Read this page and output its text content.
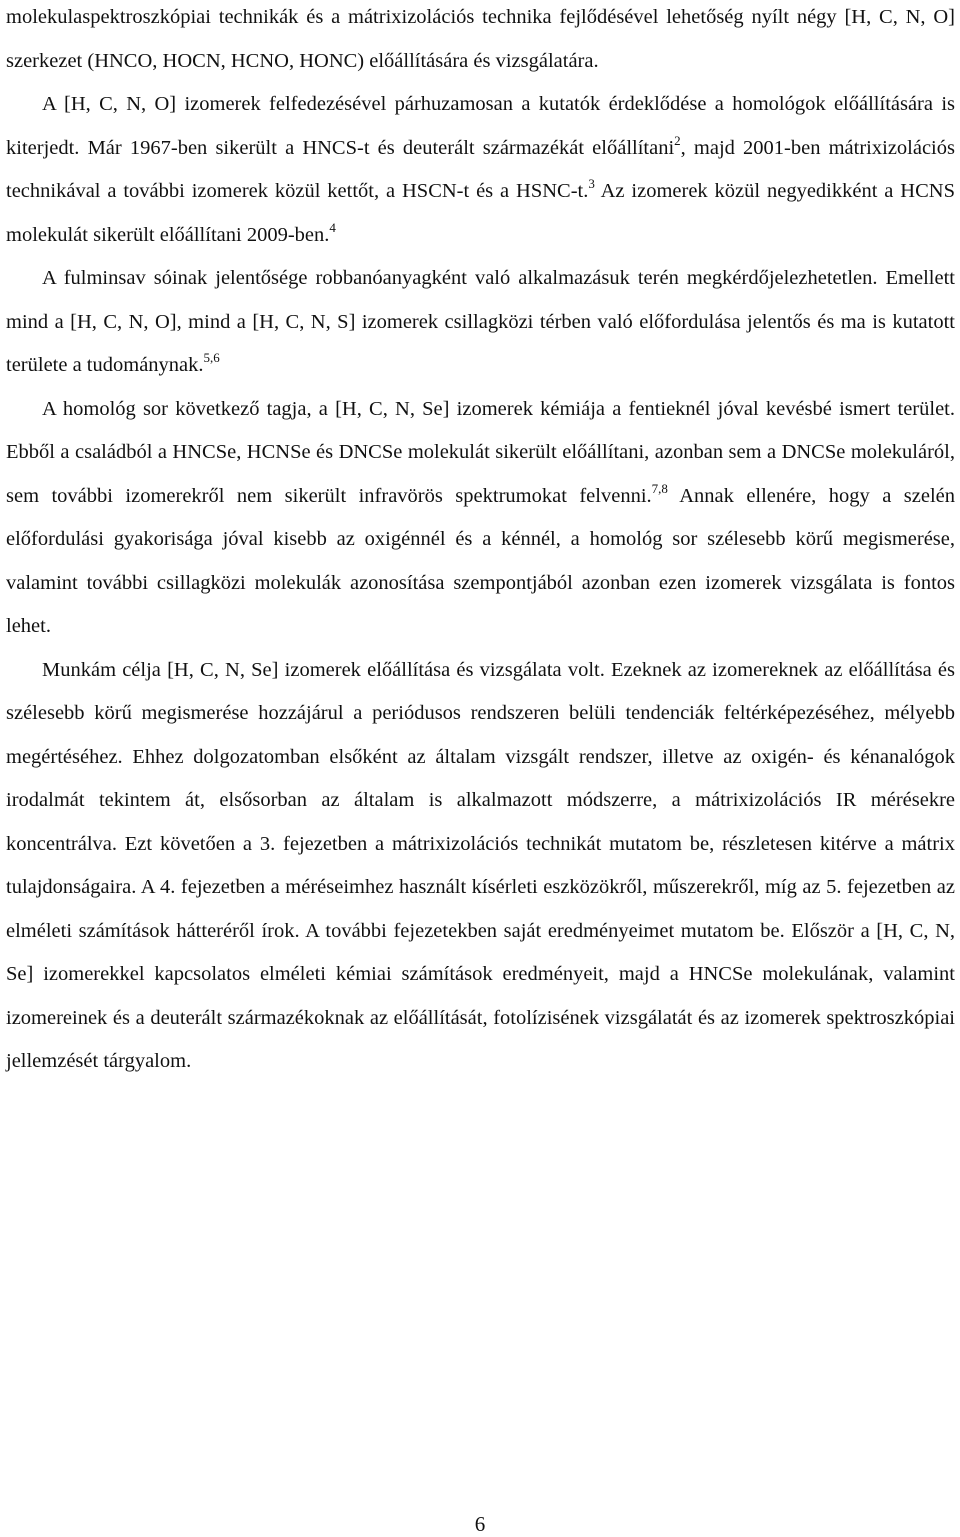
molekulaspektroszkópiai technikák és a mátrixizolációs technika fejlődésével lehetőség nyílt négy [H, C, N, O] szerkezet (HNCO, HOCN, HCNO, HONC) előállítására és vizsgálatára.

A [H, C, N, O] izomerek felfedezésével párhuzamosan a kutatók érdeklődése a homológok előállítására is kiterjedt. Már 1967-ben sikerült a HNCS-t és deuterált származékát előállítani$^2$, majd 2001-ben mátrixizolációs technikával a további izomerek közül kettőt, a HSCN-t és a HSNC-t.$^3$ Az izomerek közül negyedikként a HCNS molekulát sikerült előállítani 2009-ben.$^4$

A fulminsav sóinak jelentősége robbanóanyagként való alkalmazásuk terén megkérdőjelezhetetlen. Emellett mind a [H, C, N, O], mind a [H, C, N, S] izomerek csillagközi térben való előfordulása jelentős és ma is kutatott területe a tudománynak.$^{5,6}$

A homológ sor következő tagja, a [H, C, N, Se] izomerek kémiája a fentieknél jóval kevésbé ismert terület. Ebből a családból a HNCSe, HCNSe és DNCSe molekulát sikerült előállítani, azonban sem a DNCSe molekuláról, sem további izomerekről nem sikerült infravörös spektrumokat felvenni.$^{7,8}$ Annak ellenére, hogy a szelén előfordulási gyakorisága jóval kisebb az oxigénnél és a kénnél, a homológ sor szélesebb körű megismerése, valamint további csillagközi molekulák azonosítása szempontjából azonban ezen izomerek vizsgálata is fontos lehet.

Munkám célja [H, C, N, Se] izomerek előállítása és vizsgálata volt. Ezeknek az izomereknek az előállítása és szélesebb körű megismerése hozzájárul a periódusos rendszeren belüli tendenciák feltérképezéséhez, mélyebb megértéséhez. Ehhez dolgozatomban elsőként az általam vizsgált rendszer, illetve az oxigén- és kénanalógok irodalmát tekintem át, elsősorban az általam is alkalmazott módszerre, a mátrixizolációs IR mérésekre koncentrálva. Ezt követően a 3. fejezetben a mátrixizolációs technikát mutatom be, részletesen kitérve a mátrix tulajdonságaira. A 4. fejezetben a méréseimhez használt kísérleti eszközökről, műszerekről, míg az 5. fejezetben az elméleti számítások hátteréről írok. A további fejezetekben saját eredményeimet mutatom be. Először a [H, C, N, Se] izomerekkel kapcsolatos elméleti kémiai számítások eredményeit, majd a HNCSe molekulának, valamint izomereinek és a deuterált származékoknak az előállítását, fotolízisének vizsgálatát és az izomerek spektroszkópiai jellemzését tárgyalom.

6
